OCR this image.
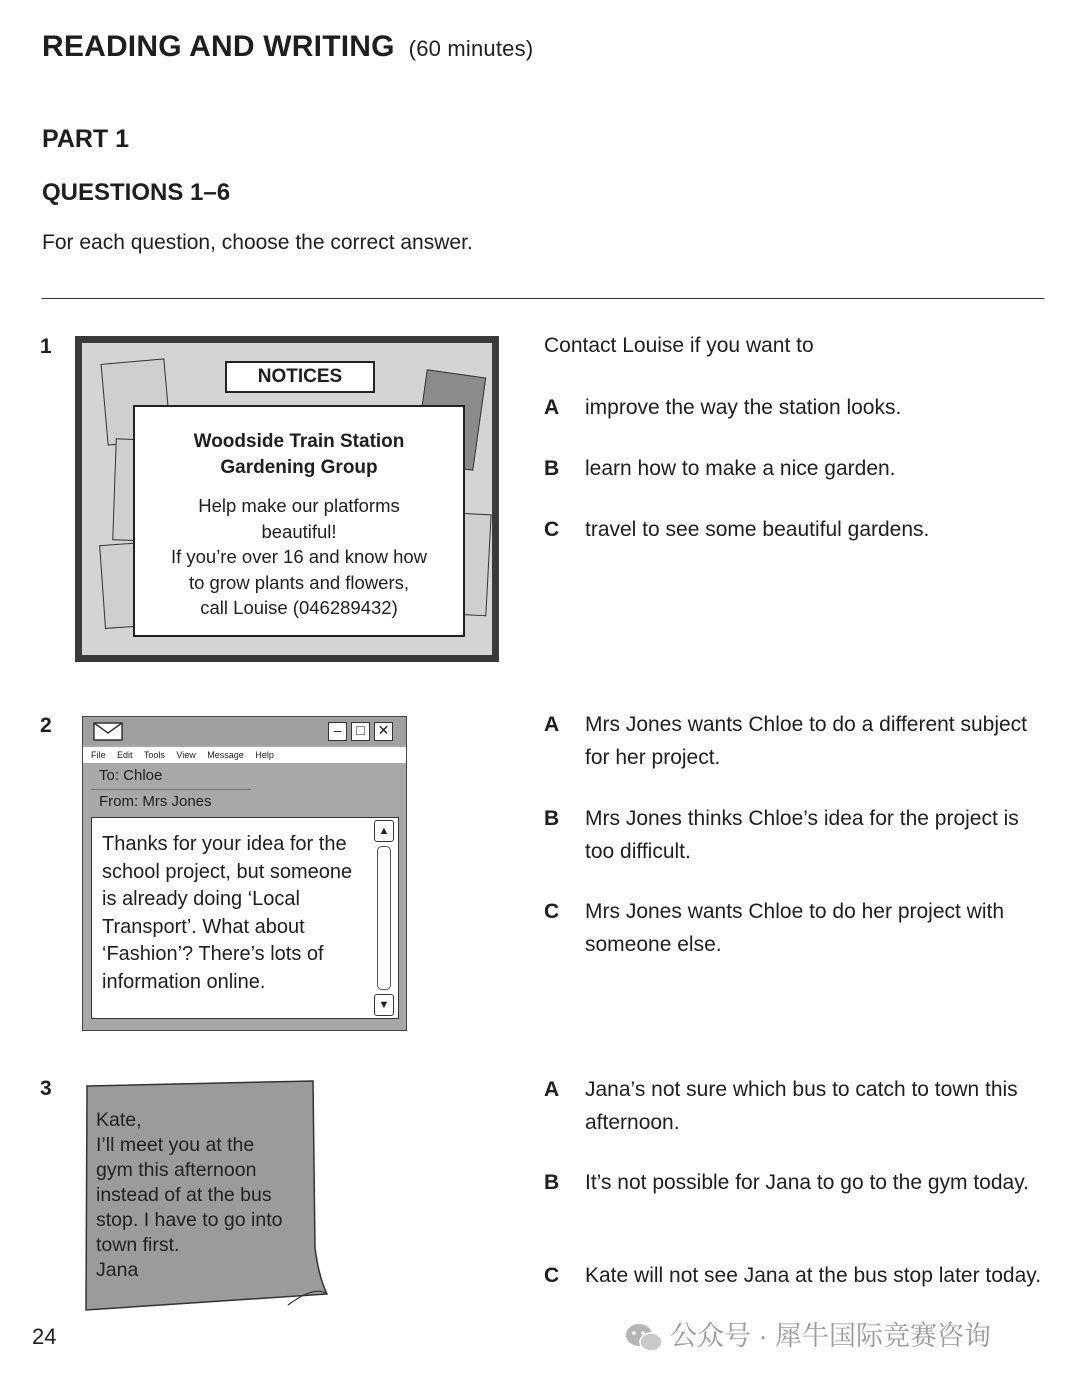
READING AND WRITING (60 minutes)
PART 1
QUESTIONS 1–6
For each question, choose the correct answer.
1
NOTICES
Woodside Train Station
Gardening Group
Help make our platforms
beautiful!
If you’re over 16 and know how
to grow plants and flowers,
call Louise (046289432)
Contact Louise if you want to
A improve the way the station looks.
B learn how to make a nice garden.
C travel to see some beautiful gardens.
2	–	□ ✕
File Edit Tools View Message Help
To: Chloe
From: Mrs Jones
Thanks for your idea for the school project, but someone is already doing ‘Local Transport’. What about ‘Fashion’? There’s lots of information online.
▲
▼
A Mrs Jones wants Chloe to do a different subject for her project.
B Mrs Jones thinks Chloe’s idea for the project is too difficult.
C Mrs Jones wants Chloe to do her project with someone else.
3
Kate,
I’ll meet you at the
gym this afternoon
instead of at the bus
stop. I have to go into
town first.
Jana
A Jana’s not sure which bus to catch to town this afternoon.
B It’s not possible for Jana to go to the gym today.
C Kate will not see Jana at the bus stop later today.
24	公众号 · 犀牛国际竞赛咨询
